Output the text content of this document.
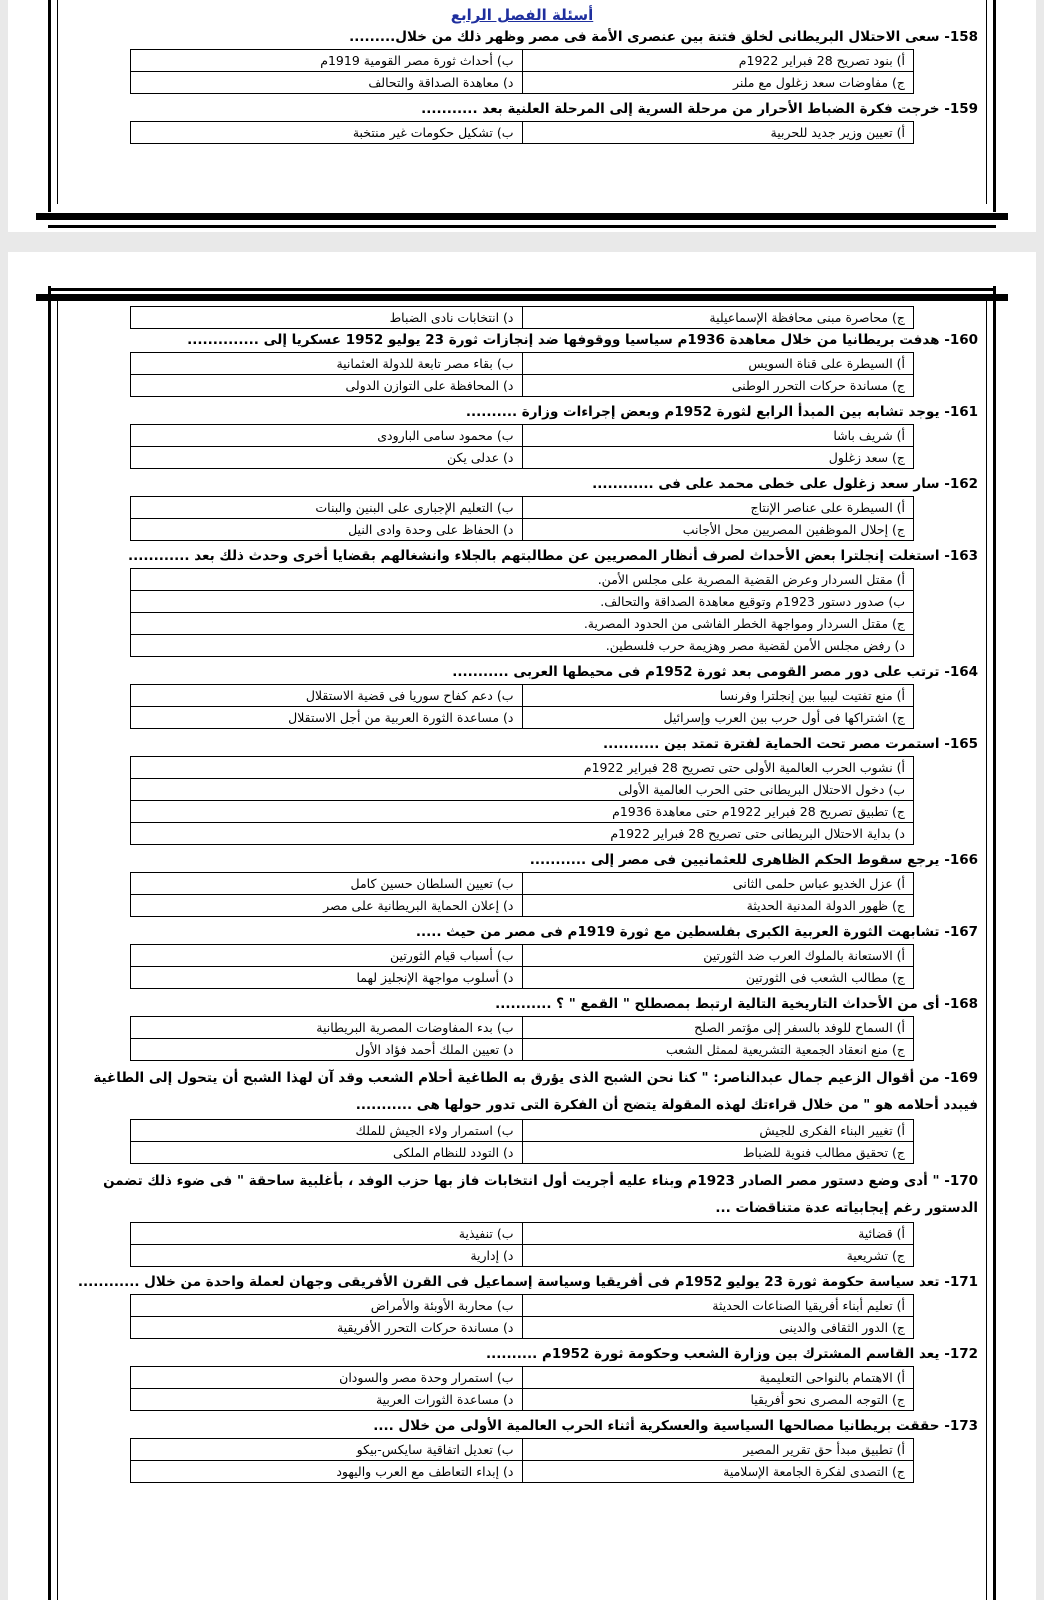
أسئلة الفصل الرابع
158- سعى الاحتلال البريطانى لخلق فتنة بين عنصرى الأمة فى مصر وظهر ذلك من خلال.........
أ) بنود تصريح 28 فبراير 1922م
ب) أحداث ثورة مصر القومية 1919م
ج) مفاوضات سعد زغلول مع ملنر
د) معاهدة الصداقة والتحالف
159- خرجت فكرة الضباط الأحرار من مرحلة السرية إلى المرحلة العلنية بعد ...........
أ) تعيين وزير جديد للحربية
ب) تشكيل حكومات غير منتخبة
ج) محاصرة مبنى محافظة الإسماعيلية
د) انتخابات نادى الضباط
160- هدفت بريطانيا من خلال معاهدة 1936م سياسيا ووقوفها ضد إنجازات ثورة 23 يوليو 1952 عسكريا إلى ..............
أ) السيطرة على قناة السويس
ب) بقاء مصر تابعة للدولة العثمانية
ج) مساندة حركات التحرر الوطنى
د) المحافظة على التوازن الدولى
161- يوجد تشابه بين المبدأ الرابع لثورة 1952م وبعض إجراءات وزارة ..........
أ) شريف باشا
ب) محمود سامى البارودى
ج) سعد زغلول
د) عدلى يكن
162- سار سعد زغلول على خطى محمد على فى ............
أ) السيطرة على عناصر الإنتاج
ب) التعليم الإجبارى على البنين والبنات
ج) إحلال الموظفين المصريين محل الأجانب
د) الحفاظ على وحدة وادى النيل
163- استغلت إنجلترا بعض الأحداث لصرف أنظار المصريين عن مطالبتهم بالجلاء وانشغالهم بقضايا أخرى وحدث ذلك بعد ............
أ) مقتل السردار وعرض القضية المصرية على مجلس الأمن.
ب) صدور دستور 1923م وتوقيع معاهدة الصداقة والتحالف.
ج) مقتل السردار ومواجهة الخطر الفاشى من الحدود المصرية.
د) رفض مجلس الأمن لقضية مصر وهزيمة حرب فلسطين.
164- ترتب على دور مصر القومى بعد ثورة 1952م فى محيطها العربى ...........
أ) منع تفتيت ليبيا بين إنجلترا وفرنسا
ب) دعم كفاح سوريا فى قضية الاستقلال
ج) اشتراكها فى أول حرب بين العرب وإسرائيل
د) مساعدة الثورة العربية من أجل الاستقلال
165- استمرت مصر تحت الحماية لفترة تمتد بين ...........
أ) نشوب الحرب العالمية الأولى حتى تصريح 28 فبراير 1922م
ب) دخول الاحتلال البريطانى حتى الحرب العالمية الأولى
ج) تطبيق تصريح 28 فبراير 1922م حتى معاهدة 1936م
د) بداية الاحتلال البريطانى حتى تصريح 28 فبراير 1922م
166- يرجع سقوط الحكم الظاهرى للعثمانيين فى مصر إلى ...........
أ) عزل الخديو عباس حلمى الثانى
ب) تعيين السلطان حسين كامل
ج) ظهور الدولة المدنية الحديثة
د) إعلان الحماية البريطانية على مصر
167- تشابهت الثورة العربية الكبرى بفلسطين مع ثورة 1919م فى مصر من حيث .....
أ) الاستعانة بالملوك العرب ضد الثورتين
ب) أسباب قيام الثورتين
ج) مطالب الشعب فى الثورتين
د) أسلوب مواجهة الإنجليز لهما
168- أى من الأحداث التاريخية التالية ارتبط بمصطلح " القمع " ؟ ...........
أ) السماح للوفد بالسفر إلى مؤتمر الصلح
ب) بدء المفاوضات المصرية البريطانية
ج) منع انعقاد الجمعية التشريعية لممثل الشعب
د) تعيين الملك أحمد فؤاد الأول
169- من أقوال الزعيم جمال عبدالناصر: " كنا نحن الشبح الذى يؤرق به الطاغية أحلام الشعب وقد آن لهذا الشبح أن يتحول إلى الطاغية فيبدد أحلامه هو " من خلال قراءتك لهذه المقولة يتضح أن الفكرة التى تدور حولها هى ...........
أ) تغيير البناء الفكرى للجيش
ب) استمرار ولاء الجيش للملك
ج) تحقيق مطالب فنوية للضباط
د) التودد للنظام الملكى
170- " أدى وضع دستور مصر الصادر 1923م وبناء عليه أجريت أول انتخابات فاز بها حزب الوفد ، بأغلبية ساحقة " فى ضوء ذلك تضمن الدستور رغم إيجابياته عدة متناقضات ...
أ) قضائية
ب) تنفيذية
ج) تشريعية
د) إدارية
171- تعد سياسة حكومة ثورة 23 يوليو 1952م فى أفريقيا وسياسة إسماعيل فى القرن الأفريقى وجهان لعملة واحدة من خلال ............
أ) تعليم أبناء أفريقيا الصناعات الحديثة
ب) محاربة الأوبئة والأمراض
ج) الدور الثقافى والدينى
د) مساندة حركات التحرر الأفريقية
172- يعد القاسم المشترك بين وزارة الشعب وحكومة ثورة 1952م ..........
أ) الاهتمام بالنواحى التعليمية
ب) استمرار وحدة مصر والسودان
ج) التوجه المصرى نحو أفريقيا
د) مساعدة الثورات العربية
173- حققت بريطانيا مصالحها السياسية والعسكرية أثناء الحرب العالمية الأولى من خلال ....
أ) تطبيق مبدأ حق تقرير المصير
ب) تعديل اتفاقية سايكس-بيكو
ج) التصدى لفكرة الجامعة الإسلامية
د) إبداء التعاطف مع العرب واليهود
